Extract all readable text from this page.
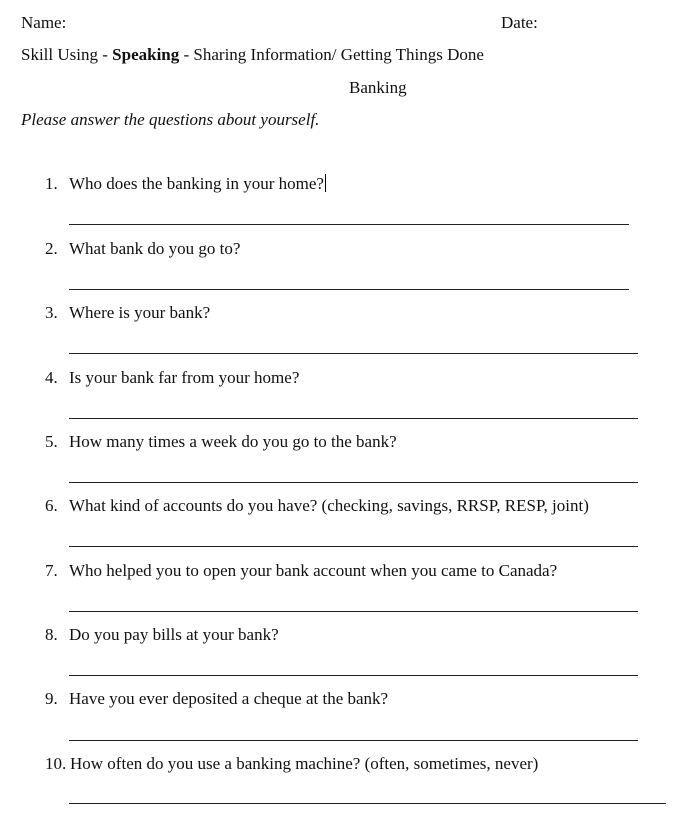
Name:	Date:
Skill Using - Speaking - Sharing Information/ Getting Things Done
Banking
Please answer the questions about yourself.
1. Who does the banking in your home?
2. What bank do you go to?
3. Where is your bank?
4. Is your bank far from your home?
5. How many times a week do you go to the bank?
6. What kind of accounts do you have? (checking, savings, RRSP, RESP, joint)
7. Who helped you to open your bank account when you came to Canada?
8. Do you pay bills at your bank?
9. Have you ever deposited a cheque at the bank?
10. How often do you use a banking machine? (often, sometimes, never)
